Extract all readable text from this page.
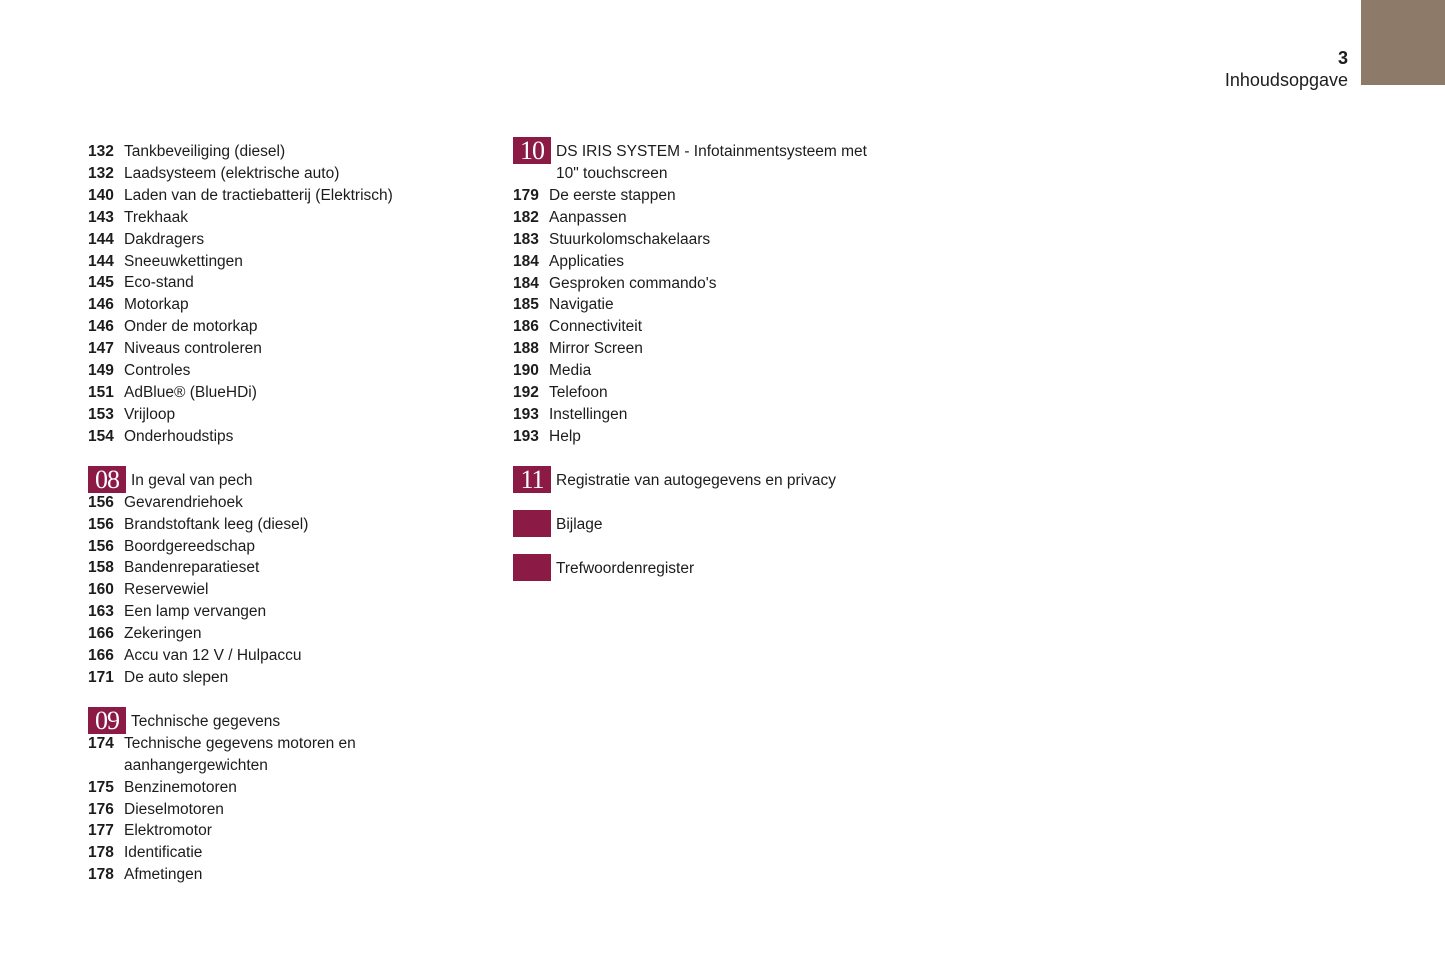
3
Inhoudsopgave
132 Tankbeveiliging (diesel)
132 Laadsysteem (elektrische auto)
140 Laden van de tractiebatterij (Elektrisch)
143 Trekhaak
144 Dakdragers
144 Sneeuwkettingen
145 Eco-stand
146 Motorkap
146 Onder de motorkap
147 Niveaus controleren
149 Controles
151 AdBlue® (BlueHDi)
153 Vrijloop
154 Onderhoudstips
08 In geval van pech
156 Gevarendriehoek
156 Brandstoftank leeg (diesel)
156 Boordgereedschap
158 Bandenreparatieset
160 Reservewiel
163 Een lamp vervangen
166 Zekeringen
166 Accu van 12 V / Hulpaccu
171 De auto slepen
09 Technische gegevens
174 Technische gegevens motoren en
aanhangergewichten
175 Benzinemotoren
176 Dieselmotoren
177 Elektromotor
178 Identificatie
178 Afmetingen
10 DS IRIS SYSTEM - Infotainmentsysteem met
10" touchscreen
179 De eerste stappen
182 Aanpassen
183 Stuurkolomschakelaars
184 Applicaties
184 Gesproken commando's
185 Navigatie
186 Connectiviteit
188 Mirror Screen
190 Media
192 Telefoon
193 Instellingen
193 Help
11 Registratie van autogegevens en privacy
Bijlage
Trefwoordenregister
